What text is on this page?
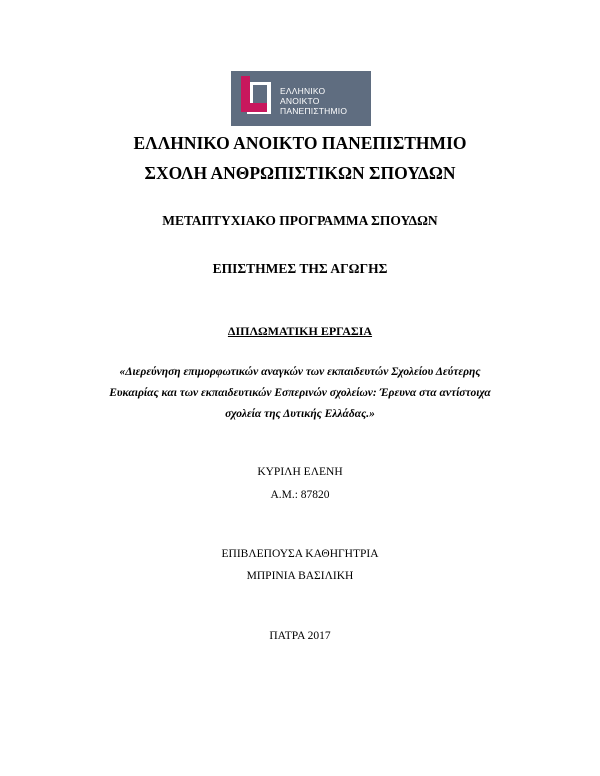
ΕΛΛΗΝΙΚΟ
ΑΝΟΙΚΤΟ
ΠΑΝΕΠΙΣΤΗΜΙΟ
ΕΛΛΗΝΙΚΟ ΑΝΟΙΚΤΟ ΠΑΝΕΠΙΣΤΗΜΙΟ
ΣΧΟΛΗ ΑΝΘΡΩΠΙΣΤΙΚΩΝ ΣΠΟΥΔΩΝ
ΜΕΤΑΠΤΥΧΙΑΚΟ ΠΡΟΓΡΑΜΜΑ ΣΠΟΥΔΩΝ
ΕΠΙΣΤΗΜΕΣ ΤΗΣ ΑΓΩΓΗΣ
ΔΙΠΛΩΜΑΤΙΚΗ ΕΡΓΑΣΙΑ
«Διερεύνηση επιμορφωτικών αναγκών των εκπαιδευτών Σχολείου Δεύτερης
Ευκαιρίας και των εκπαιδευτικών Εσπερινών σχολείων: Έρευνα στα αντίστοιχα
σχολεία της Δυτικής Ελλάδας.»
ΚΥΡΙΛΗ ΕΛΕΝΗ
Α.Μ.: 87820
ΕΠΙΒΛΕΠΟΥΣΑ ΚΑΘΗΓΗΤΡΙΑ
ΜΠΡΙΝΙΑ ΒΑΣΙΛΙΚΗ
ΠΑΤΡΑ 2017
